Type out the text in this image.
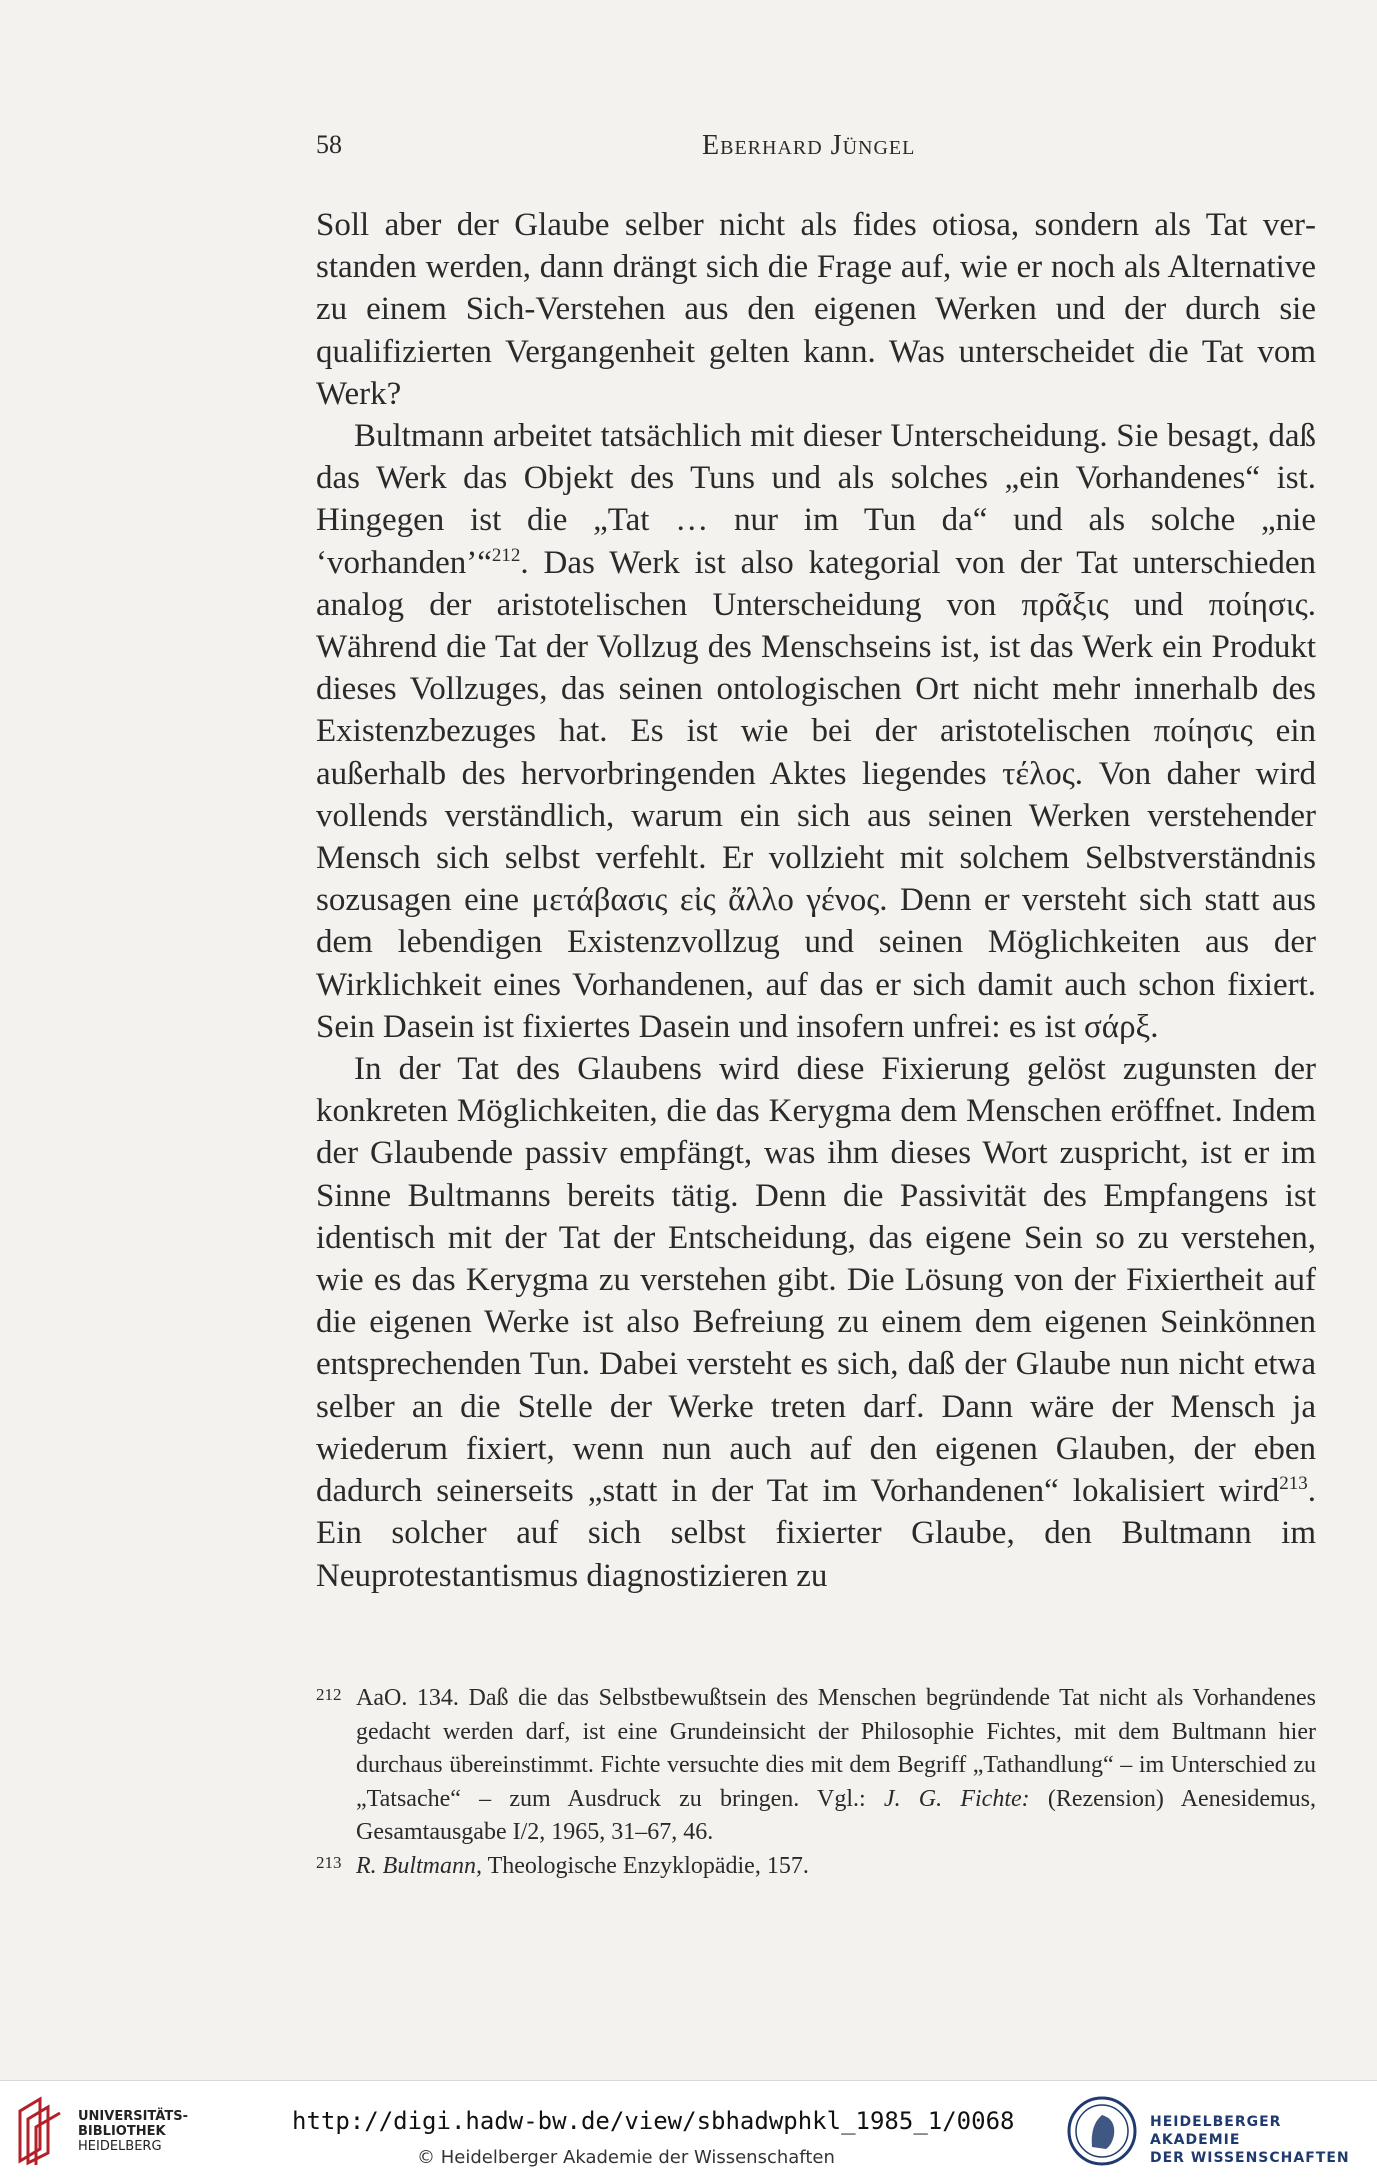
58	Eberhard Jüngel

Soll aber der Glaube selber nicht als fides otiosa, sondern als Tat verstanden werden, dann drängt sich die Frage auf, wie er noch als Alternative zu einem Sich-Verstehen aus den eigenen Werken und der durch sie qualifizierten Vergangenheit gelten kann. Was unterscheidet die Tat vom Werk?

Bultmann arbeitet tatsächlich mit dieser Unterscheidung. Sie besagt, daß das Werk das Objekt des Tuns und als solches „ein Vorhandenes“ ist. Hingegen ist die „Tat … nur im Tun da“ und als solche „nie ‘vorhanden’“$^{212}$. Das Werk ist also kategorial von der Tat unterschieden analog der aristotelischen Unterscheidung von πρᾶξις und ποίησις. Während die Tat der Vollzug des Menschseins ist, ist das Werk ein Produkt dieses Vollzuges, das seinen ontologischen Ort nicht mehr innerhalb des Existenzbezuges hat. Es ist wie bei der aristotelischen ποίησις ein außerhalb des hervorbringenden Aktes liegendes τέλος. Von daher wird vollends verständlich, warum ein sich aus seinen Werken verstehender Mensch sich selbst verfehlt. Er vollzieht mit solchem Selbstverständnis sozusagen eine μετάβασις εἰς ἄλλο γένος. Denn er versteht sich statt aus dem lebendigen Existenzvollzug und seinen Möglichkeiten aus der Wirklichkeit eines Vorhandenen, auf das er sich damit auch schon fixiert. Sein Dasein ist fixiertes Dasein und insofern unfrei: es ist σάρξ.

In der Tat des Glaubens wird diese Fixierung gelöst zugunsten der konkreten Möglichkeiten, die das Kerygma dem Menschen eröffnet. Indem der Glaubende passiv empfängt, was ihm dieses Wort zuspricht, ist er im Sinne Bultmanns bereits tätig. Denn die Passivität des Empfangens ist identisch mit der Tat der Entscheidung, das eigene Sein so zu verstehen, wie es das Kerygma zu verstehen gibt. Die Lösung von der Fixiertheit auf die eigenen Werke ist also Befreiung zu einem dem eigenen Seinkönnen entsprechenden Tun. Dabei versteht es sich, daß der Glaube nun nicht etwa selber an die Stelle der Werke treten darf. Dann wäre der Mensch ja wiederum fixiert, wenn nun auch auf den eigenen Glauben, der eben dadurch seinerseits „statt in der Tat im Vorhandenen“ lokalisiert wird$^{213}$. Ein solcher auf sich selbst fixierter Glaube, den Bultmann im Neuprotestantismus diagnostizieren zu

212 AaO. 134. Daß die das Selbstbewußtsein des Menschen begründende Tat nicht als Vorhandenes gedacht werden darf, ist eine Grundeinsicht der Philosophie Fichtes, mit dem Bultmann hier durchaus übereinstimmt. Fichte versuchte dies mit dem Begriff „Tathandlung“ – im Unterschied zu „Tatsache“ – zum Ausdruck zu bringen. Vgl.: J. G. Fichte: (Rezension) Aenesidemus, Gesamtausgabe I/2, 1965, 31–67, 46.

213 R. Bultmann, Theologische Enzyklopädie, 157.

UNIVERSITÄTS-
BIBLIOTHEK
HEIDELBERG
http://digi.hadw-bw.de/view/sbhadwphkl_1985_1/0068
© Heidelberger Akademie der Wissenschaften
HEIDELBERGER AKADEMIE
DER WISSENSCHAFTEN
